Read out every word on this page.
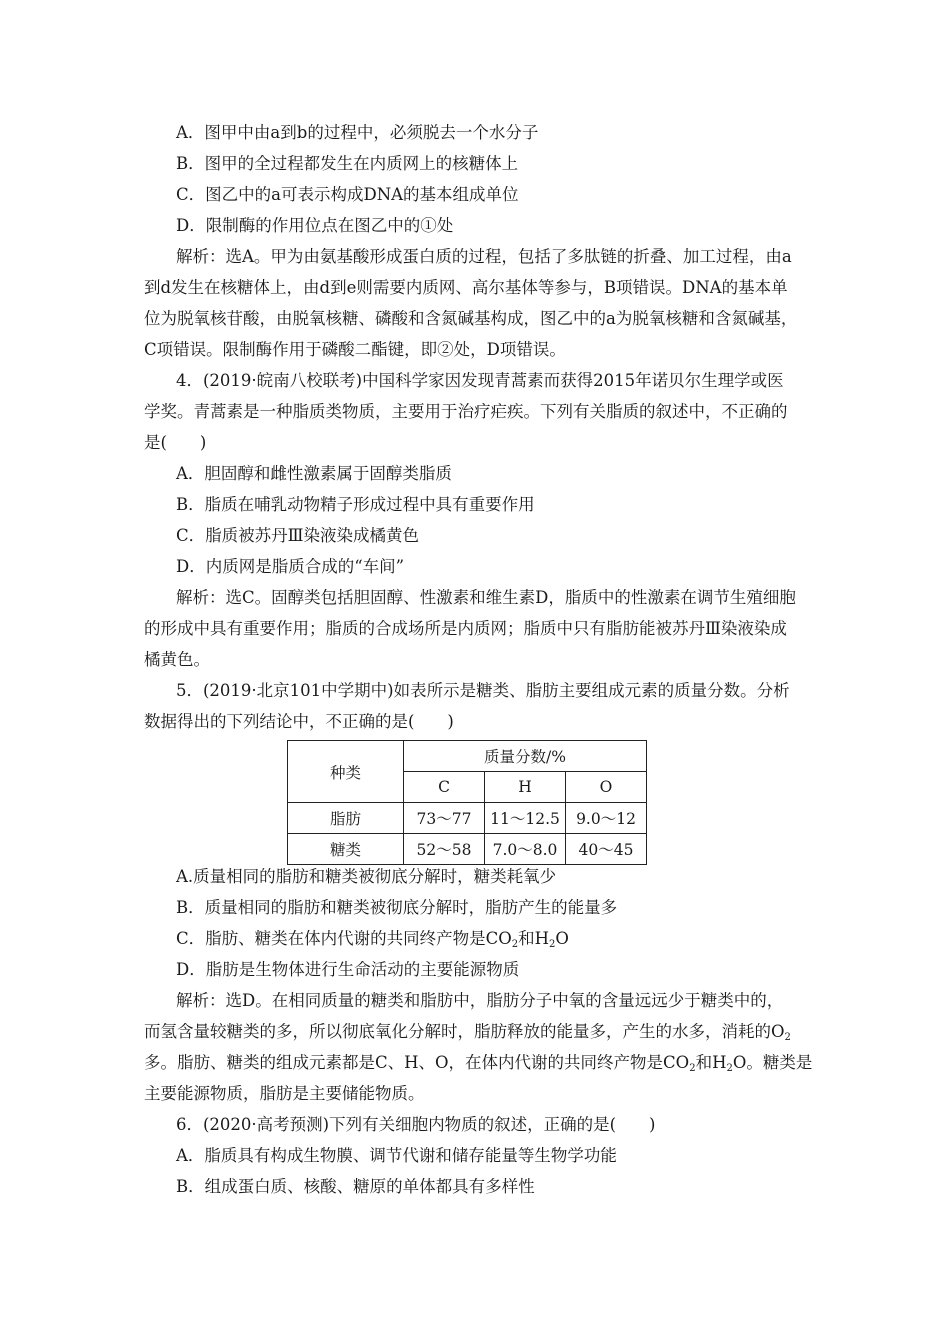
A．图甲中由a到b的过程中，必须脱去一个水分子
B．图甲的全过程都发生在内质网上的核糖体上
C．图乙中的a可表示构成DNA的基本组成单位
D．限制酶的作用位点在图乙中的①处
解析：选A。甲为由氨基酸形成蛋白质的过程，包括了多肽链的折叠、加工过程，由a
到d发生在核糖体上，由d到e则需要内质网、高尔基体等参与，B项错误。DNA的基本单
位为脱氧核苷酸，由脱氧核糖、磷酸和含氮碱基构成，图乙中的a为脱氧核糖和含氮碱基，
C项错误。限制酶作用于磷酸二酯键，即②处，D项错误。
4．(2019·皖南八校联考)中国科学家因发现青蒿素而获得2015年诺贝尔生理学或医
学奖。青蒿素是一种脂质类物质，主要用于治疗疟疾。下列有关脂质的叙述中，不正确的
是(　　)
A．胆固醇和雌性激素属于固醇类脂质
B．脂质在哺乳动物精子形成过程中具有重要作用
C．脂质被苏丹Ⅲ染液染成橘黄色
D．内质网是脂质合成的“车间”
解析：选C。固醇类包括胆固醇、性激素和维生素D，脂质中的性激素在调节生殖细胞
的形成中具有重要作用；脂质的合成场所是内质网；脂质中只有脂肪能被苏丹Ⅲ染液染成
橘黄色。
5．(2019·北京101中学期中)如表所示是糖类、脂肪主要组成元素的质量分数。分析
数据得出的下列结论中，不正确的是(　　)
种类	质量分数/%		
	C	H	O
脂肪	73～77	11～12.5	9.0～12
糖类	52～58	7.0～8.0	40～45
A.质量相同的脂肪和糖类被彻底分解时，糖类耗氧少
B．质量相同的脂肪和糖类被彻底分解时，脂肪产生的能量多
C．脂肪、糖类在体内代谢的共同终产物是$CO_2$和$H_2O$
D．脂肪是生物体进行生命活动的主要能源物质
解析：选D。在相同质量的糖类和脂肪中，脂肪分子中氧的含量远远少于糖类中的，
而氢含量较糖类的多，所以彻底氧化分解时，脂肪释放的能量多，产生的水多，消耗的$O_2$
多。脂肪、糖类的组成元素都是C、H、O，在体内代谢的共同终产物是$CO_2$和$H_2O$。糖类是
主要能源物质，脂肪是主要储能物质。
6．(2020·高考预测)下列有关细胞内物质的叙述，正确的是(　　)
A．脂质具有构成生物膜、调节代谢和储存能量等生物学功能
B．组成蛋白质、核酸、糖原的单体都具有多样性
